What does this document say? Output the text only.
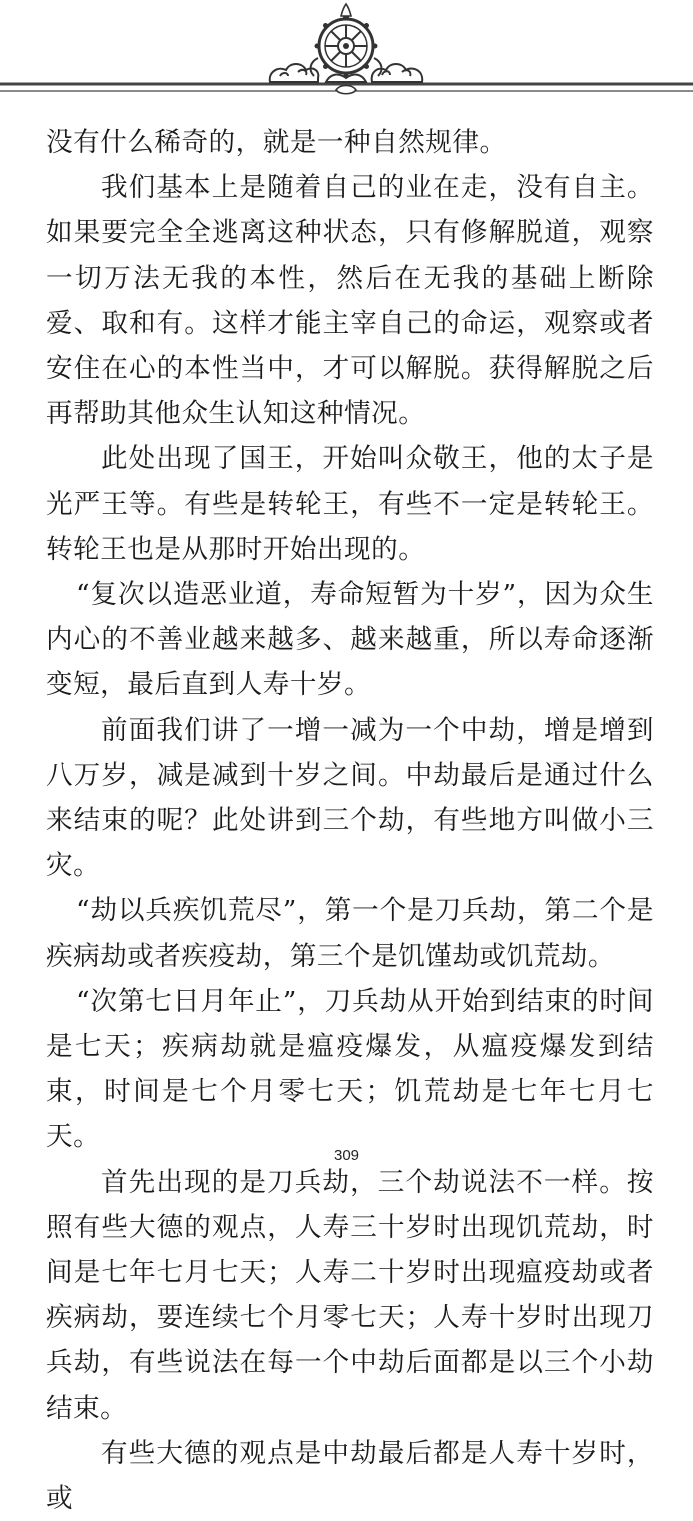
没有什么稀奇的，就是一种自然规律。

我们基本上是随着自己的业在走，没有自主。如果要完全全逃离这种状态，只有修解脱道，观察一切万法无我的本性，然后在无我的基础上断除爱、取和有。这样才能主宰自己的命运，观察或者安住在心的本性当中，才可以解脱。获得解脱之后再帮助其他众生认知这种情况。

此处出现了国王，开始叫众敬王，他的太子是光严王等。有些是转轮王，有些不一定是转轮王。转轮王也是从那时开始出现的。

“复次以造恶业道，寿命短暂为十岁”，因为众生内心的不善业越来越多、越来越重，所以寿命逐渐变短，最后直到人寿十岁。

前面我们讲了一增一减为一个中劫，增是增到八万岁，减是减到十岁之间。中劫最后是通过什么来结束的呢？此处讲到三个劫，有些地方叫做小三灾。

“劫以兵疾饥荒尽”，第一个是刀兵劫，第二个是疾病劫或者疾疫劫，第三个是饥馑劫或饥荒劫。

“次第七日月年止”，刀兵劫从开始到结束的时间是七天；疾病劫就是瘟疫爆发，从瘟疫爆发到结束，时间是七个月零七天；饥荒劫是七年七月七天。

首先出现的是刀兵劫，三个劫说法不一样。按照有些大德的观点，人寿三十岁时出现饥荒劫，时间是七年七月七天；人寿二十岁时出现瘟疫劫或者疾病劫，要连续七个月零七天；人寿十岁时出现刀兵劫，有些说法在每一个中劫后面都是以三个小劫结束。

有些大德的观点是中劫最后都是人寿十岁时，或

309
